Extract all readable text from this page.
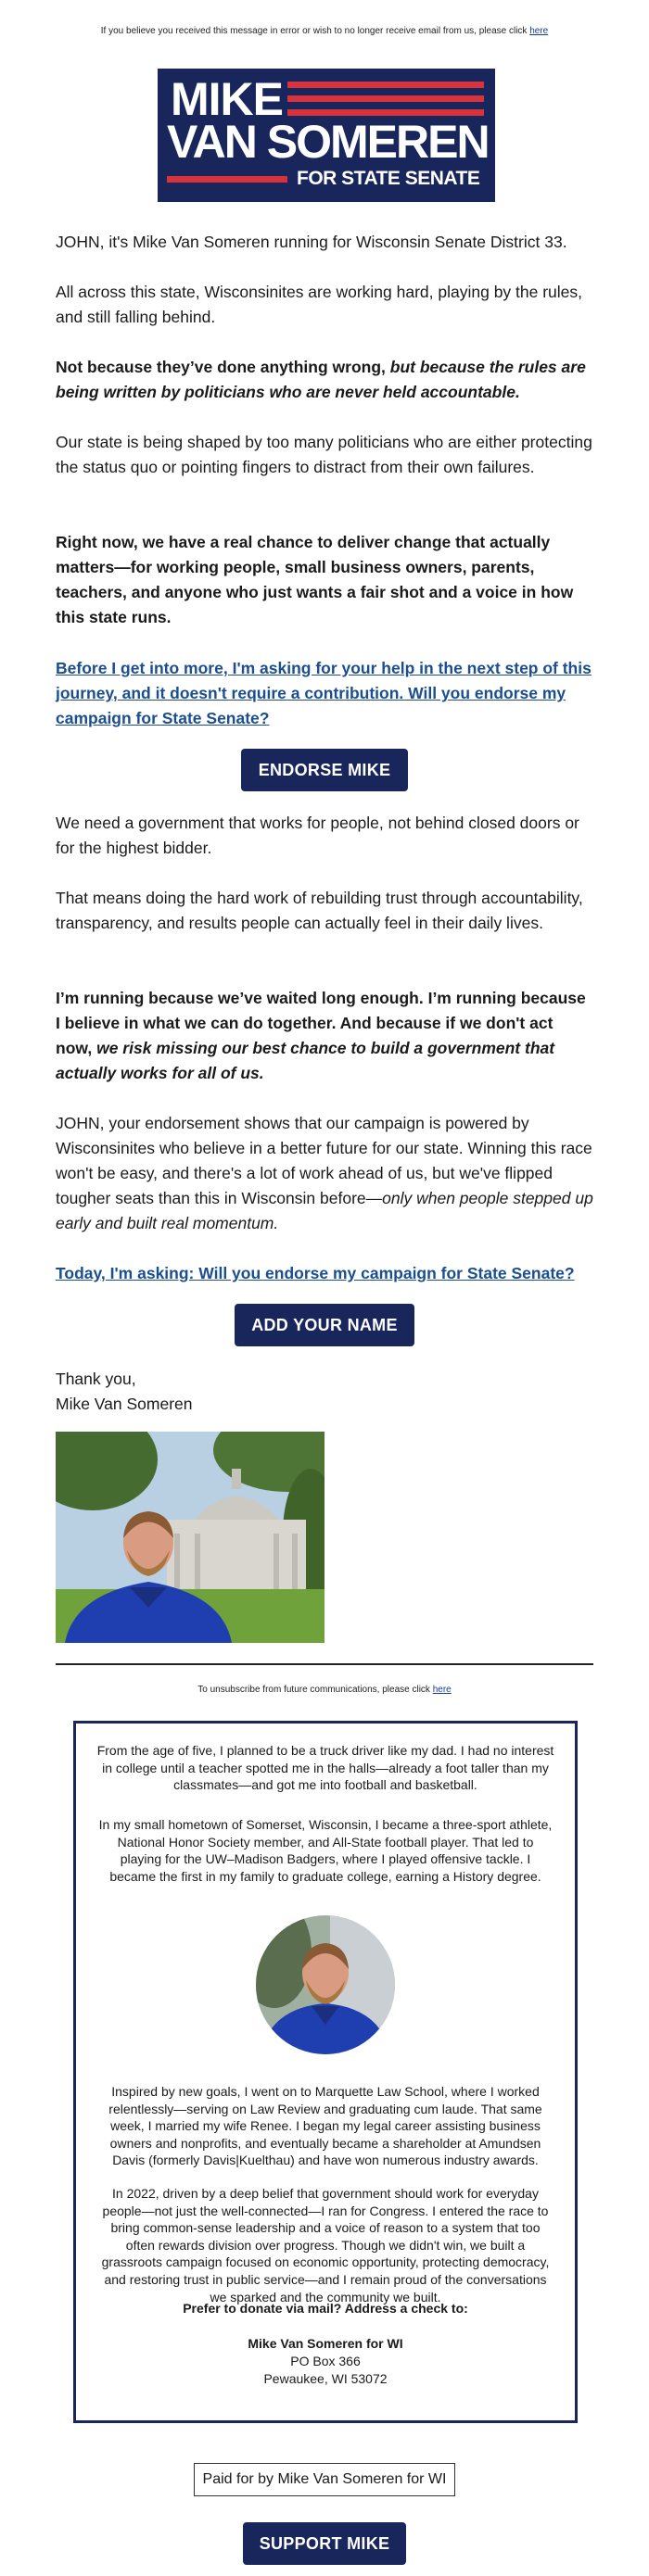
If you believe you received this message in error or wish to no longer receive email from us, please click here
MIKE
VAN SOMEREN
FOR STATE SENATE
JOHN, it's Mike Van Someren running for Wisconsin Senate District 33.
All across this state, Wisconsinites are working hard, playing by the rules, and still falling behind.
Not because they’ve done anything wrong, but because the rules are being written by politicians who are never held accountable.
Our state is being shaped by too many politicians who are either protecting the status quo or pointing fingers to distract from their own failures.
Right now, we have a real chance to deliver change that actually matters—for working people, small business owners, parents, teachers, and anyone who just wants a fair shot and a voice in how this state runs.
Before I get into more, I'm asking for your help in the next step of this journey, and it doesn't require a contribution. Will you endorse my campaign for State Senate?
ENDORSE MIKE
We need a government that works for people, not behind closed doors or for the highest bidder.
That means doing the hard work of rebuilding trust through accountability, transparency, and results people can actually feel in their daily lives.
I’m running because we’ve waited long enough. I’m running because I believe in what we can do together. And because if we don't act now, we risk missing our best chance to build a government that actually works for all of us.
JOHN, your endorsement shows that our campaign is powered by Wisconsinites who believe in a better future for our state. Winning this race won't be easy, and there's a lot of work ahead of us, but we've flipped tougher seats than this in Wisconsin before—only when people stepped up early and built real momentum.
Today, I'm asking: Will you endorse my campaign for State Senate?
ADD YOUR NAME
Thank you,
Mike Van Someren
To unsubscribe from future communications, please click here
From the age of five, I planned to be a truck driver like my dad. I had no interest in college until a teacher spotted me in the halls—already a foot taller than my classmates—and got me into football and basketball.
In my small hometown of Somerset, Wisconsin, I became a three-sport athlete, National Honor Society member, and All-State football player. That led to playing for the UW–Madison Badgers, where I played offensive tackle. I became the first in my family to graduate college, earning a History degree.
Inspired by new goals, I went on to Marquette Law School, where I worked relentlessly—serving on Law Review and graduating cum laude. That same week, I married my wife Renee. I began my legal career assisting business owners and nonprofits, and eventually became a shareholder at Amundsen Davis (formerly Davis|Kuelthau) and have won numerous industry awards.
In 2022, driven by a deep belief that government should work for everyday people—not just the well-connected—I ran for Congress. I entered the race to bring common-sense leadership and a voice of reason to a system that too often rewards division over progress. Though we didn't win, we built a grassroots campaign focused on economic opportunity, protecting democracy, and restoring trust in public service—and I remain proud of the conversations we sparked and the community we built.
Prefer to donate via mail? Address a check to:
Mike Van Someren for WI
PO Box 366
Pewaukee, WI 53072
Paid for by Mike Van Someren for WI
SUPPORT MIKE
